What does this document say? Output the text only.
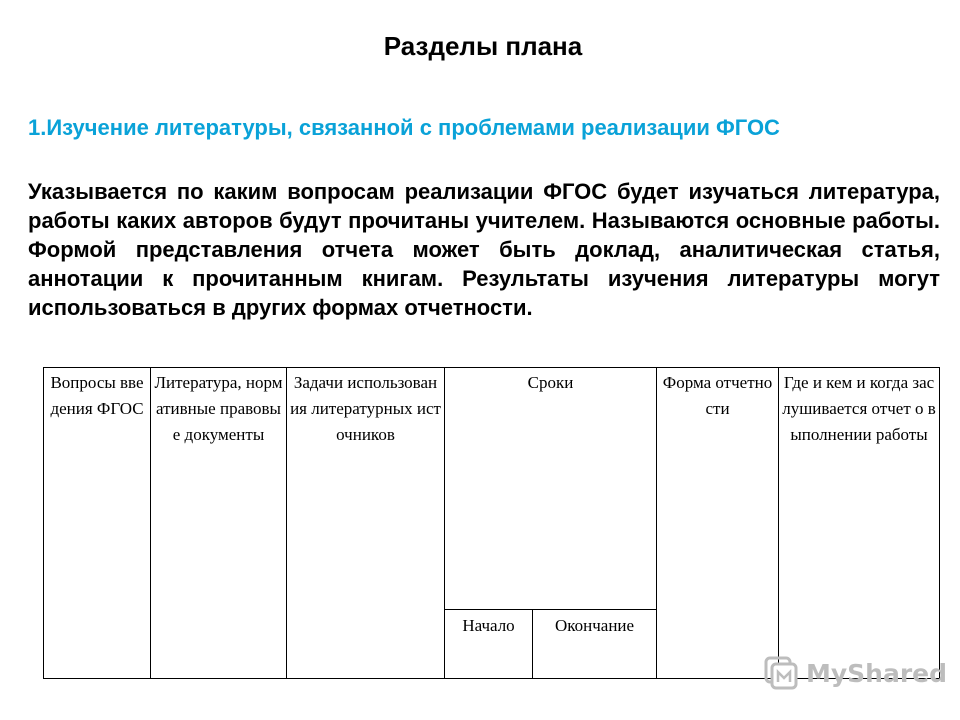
Разделы плана
1.Изучение литературы, связанной с проблемами реализации ФГОС
Указывается по каким вопросам реализации ФГОС будет изучаться литература, работы каких авторов будут прочитаны учителем. Называются основные работы. Формой представления отчета может быть доклад, аналитическая статья, аннотации к прочитанным книгам. Результаты изучения литературы могут использоваться в других формах отчетности.
Вопросы введения ФГОС	Литература, нормативные правовые документы	Задачи использования литературных источников	Сроки		Форма отчетности	Где и кем и когда заслушивается отчет о выполнении работы
			Начало	Окончание		
MyShared
